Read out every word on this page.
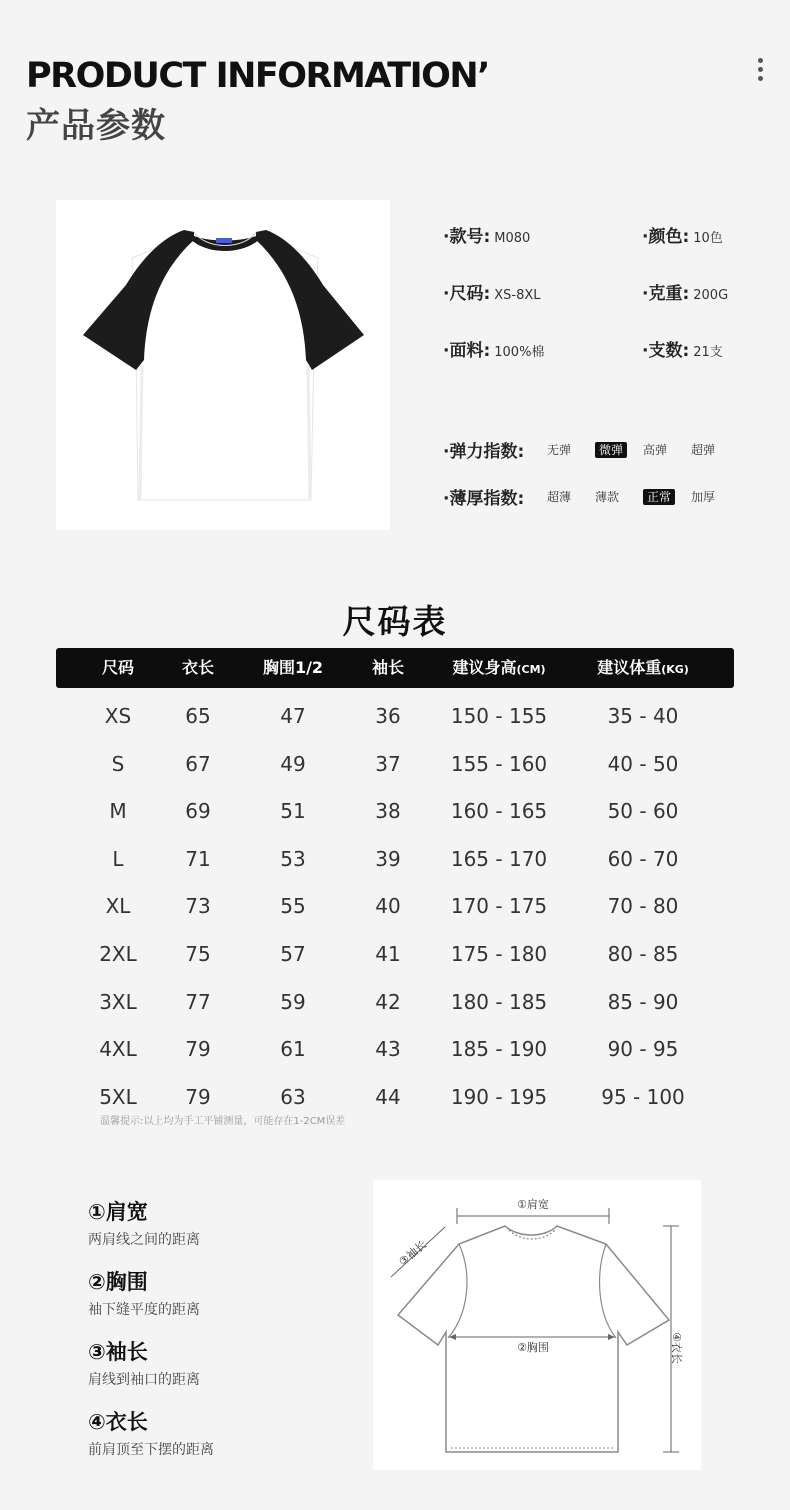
PRODUCT INFORMATION’
产品参数
·款号: M080	·颜色: 10色
·尺码: XS-8XL	·克重: 200G
·面料: 100%棉	·支数: 21支
·弹力指数:	无弹	微弹	高弹	超弹
·薄厚指数:	超薄	薄款	正常	加厚
尺码表
尺码	衣长	胸围1/2	袖长	建议身高(CM)	建议体重(KG)
XS	65	47	36	150 - 155	35 - 40
S	67	49	37	155 - 160	40 - 50
M	69	51	38	160 - 165	50 - 60
L	71	53	39	165 - 170	60 - 70
XL	73	55	40	170 - 175	70 - 80
2XL	75	57	41	175 - 180	80 - 85
3XL	77	59	42	180 - 185	85 - 90
4XL	79	61	43	185 - 190	90 - 95
5XL	79	63	44	190 - 195	95 - 100
温馨提示:以上均为手工平铺测量，可能存在1-2CM误差
①肩宽
两肩线之间的距离
②胸围
袖下缝平度的距离
③袖长
肩线到袖口的距离
④衣长
前肩顶至下摆的距离
①肩宽
②胸围
③袖长
④衣长
